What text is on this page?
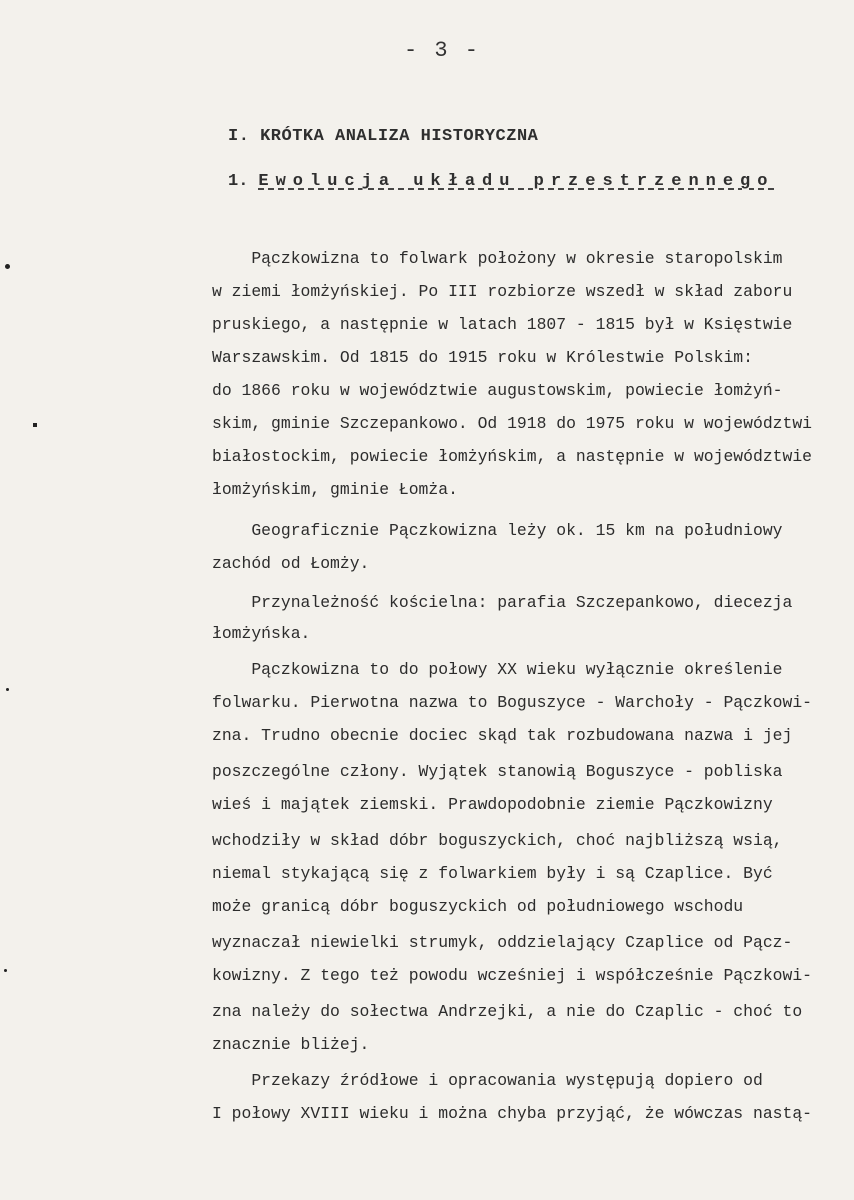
- 3 -
I. KRÓTKA ANALIZA HISTORYCZNA
1. Ewolucja układu przestrzennego
Pączkowizna to folwark położony w okresie staropolskim
w ziemi łomżyńskiej. Po III rozbiorze wszedł w skład zaboru
pruskiego, a następnie w latach 1807 - 1815 był w Księstwie
Warszawskim. Od 1815 do 1915 roku w Królestwie Polskim:
do 1866 roku w województwie augustowskim, powiecie łomżyń-
skim, gminie Szczepankowo. Od 1918 do 1975 roku w województwi
białostockim, powiecie łomżyńskim, a następnie w województwie
łomżyńskim, gminie Łomża.
Geograficznie Pączkowizna leży ok. 15 km na południowy
zachód od Łomży.
Przynależność kościelna: parafia Szczepankowo, diecezja
łomżyńska.
Pączkowizna to do połowy XX wieku wyłącznie określenie
folwarku. Pierwotna nazwa to Boguszyce - Warchoły - Pączkowi-
zna. Trudno obecnie dociec skąd tak rozbudowana nazwa i jej
poszczególne człony. Wyjątek stanowią Boguszyce - pobliska
wieś i majątek ziemski. Prawdopodobnie ziemie Pączkowizny
wchodziły w skład dóbr boguszyckich, choć najbliższą wsią,
niemal stykającą się z folwarkiem były i są Czaplice. Być
może granicą dóbr boguszyckich od południowego wschodu
wyznaczał niewielki strumyk, oddzielający Czaplice od Pącz-
kowizny. Z tego też powodu wcześniej i współcześnie Pączkowi-
zna należy do sołectwa Andrzejki, a nie do Czaplic - choć to
znacznie bliżej.
Przekazy źródłowe i opracowania występują dopiero od
I połowy XVIII wieku i można chyba przyjąć, że wówczas nastą-
